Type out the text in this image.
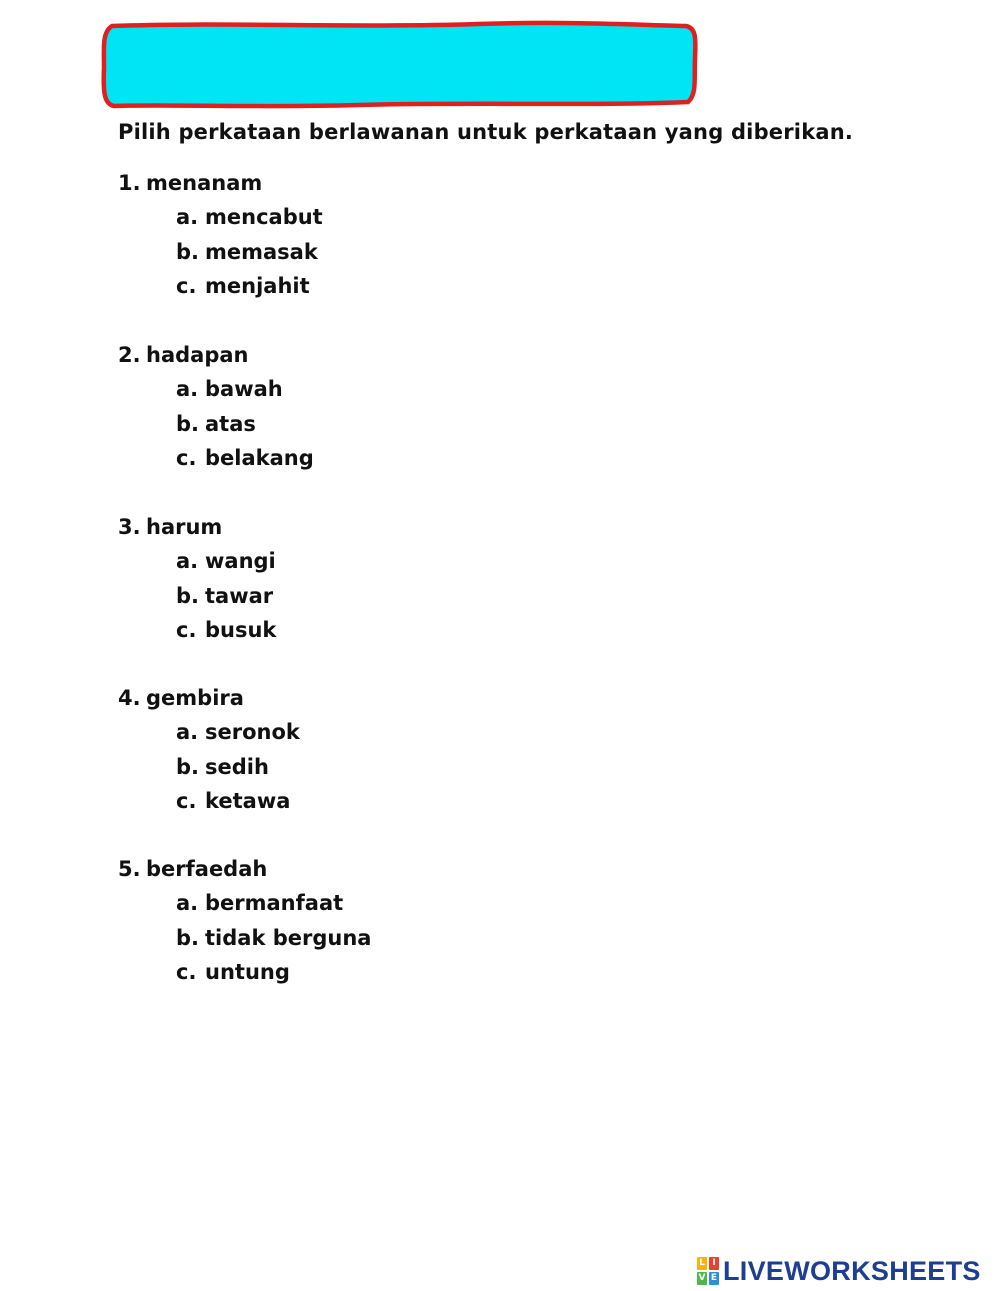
Pilih perkataan berlawanan untuk perkataan yang diberikan.
1. menanam
a. mencabut
b. memasak
c. menjahit
2. hadapan
a. bawah
b. atas
c. belakang
3. harum
a. wangi
b. tawar
c. busuk
4. gembira
a. seronok
b. sedih
c. ketawa
5. berfaedah
a. bermanfaat
b. tidak berguna
c. untung
L I
V E LIVEWORKSHEETS
